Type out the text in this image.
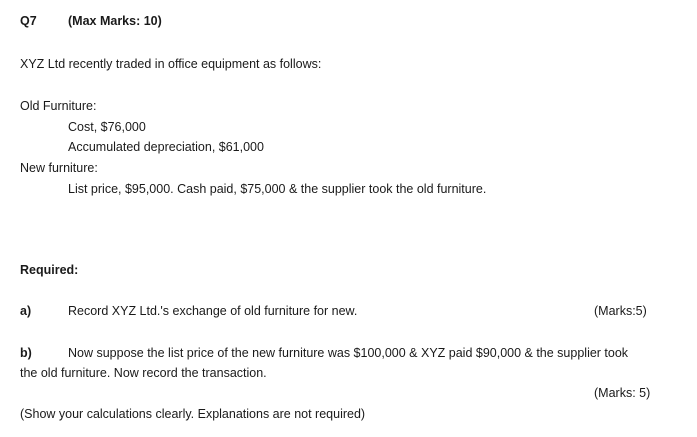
Q7	(Max Marks: 10)
XYZ Ltd recently traded in office equipment as follows:
Old Furniture:
Cost, $76,000
Accumulated depreciation, $61,000
New furniture:
List price, $95,000. Cash paid, $75,000 & the supplier took the old furniture.
Required:
a)	Record XYZ Ltd.'s exchange of old furniture for new.	(Marks:5)
b)	Now suppose the list price of the new furniture was $100,000 & XYZ paid $90,000 & the supplier took
the old furniture. Now record the transaction.
(Marks: 5)
(Show your calculations clearly. Explanations are not required)
